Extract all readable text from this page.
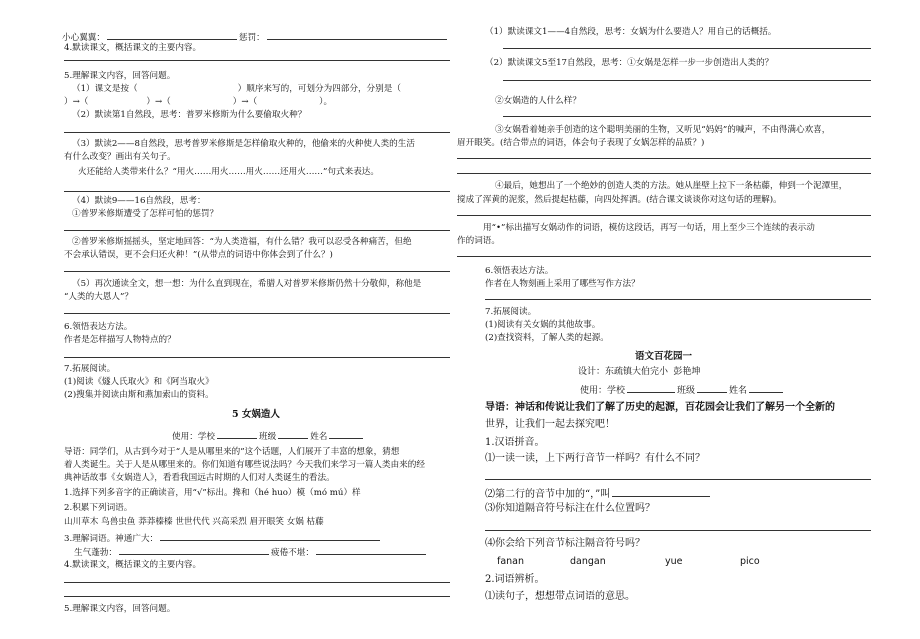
小心翼翼：	惩罚：
4.默读课文，概括课文的主要内容。
5.理解课文内容，回答问题。
（1）课文是按（	）顺序来写的，可划分为四部分，分别是（
）→（	）→（	）→（	）。
（2）默读第1自然段，思考：普罗米修斯为什么要偷取火种？
（3）默读2——8自然段，思考普罗米修斯是怎样偷取火种的，他偷来的火种使人类的生活
有什么改变？画出有关句子。
火还能给人类带来什么？“用火……用火……用火……还用火……”句式来表达。
（4）默读9——16自然段，思考：
①普罗米修斯遭受了怎样可怕的惩罚？
②普罗米修斯摇摇头，坚定地回答：“为人类造福，有什么错？我可以忍受各种痛苦，但绝
不会承认错误，更不会归还火种！”(从带点的词语中你体会到了什么？)
（5）再次通读全文，想一想：为什么直到现在，希腊人对普罗米修斯仍然十分敬仰，称他是
“人类的大恩人”？
6.领悟表达方法。
作者是怎样描写人物特点的？
7.拓展阅读。
(1)阅读《燧人氏取火》和《阿当取火》
(2)搜集并阅读由斯和燕加索山的资料。
5 女娲造人
使用：学校	班级	姓名
导语：同学们，从古到今对于“人是从哪里来的”这个话题，人们展开了丰富的想象，猜想
着人类诞生。关于人是从哪里来的。你们知道有哪些说法吗？今天我们来学习一篇人类由来的经
典神话故事《女娲造人》，看看我国远古时期的人们对人类诞生的看法。
1.选择下列多音字的正确读音，用“√”标出。搀和（hé huo）模（mó mú）样
2.积累下列词语。
山川草木 鸟兽虫鱼 莽莽榛榛 世世代代 兴高采烈 眉开眼笑 女娲 枯藤
3.理解词语。神通广大：
生气蓬勃：	疲倦不堪：
4.默读课文，概括课文的主要内容。
5.理解课文内容，回答问题。
（1）默读课文1——4自然段，思考：女娲为什么要造人？用自己的话概括。
（2）默读课文5至17自然段，思考：①女娲是怎样一步一步创造出人类的？
②女娲造的人什么样？
③女娲看着她亲手创造的这个聪明美丽的生物，又听见“妈妈”的喊声，不由得满心欢喜，
眉开眼笑。(结合带点的词语，体会句子表现了女娲怎样的品质？)
④最后，她想出了一个绝妙的创造人类的方法。她从崖壁上拉下一条枯藤，伸到一个泥潭里，
搅成了浑黄的泥浆，然后提起枯藤，向四处挥洒。(结合课文谈谈你对这句话的理解)。
用“•”标出描写女娲动作的词语，模仿这段话，再写一句话，用上至少三个连续的表示动
作的词语。
6.领悟表达方法。
作者在人物刻画上采用了哪些写作方法？
7.拓展阅读。
(1)阅读有关女娲的其他故事。
(2)查找资料，了解人类的起源。
语文百花园一
设计：东疏镇大伯完小 彭艳坤
使用：学校	班级	姓名
导语：神话和传说让我们了解了历史的起源，百花园会让我们了解另一个全新的
世界，让我们一起去探究吧！
1.汉语拼音。
⑴一读一读，上下两行音节一样吗？有什么不同？
⑵第二行的音节中加的“，”叫
⑶你知道隔音符号标注在什么位置吗？
⑷你会给下列音节标注隔音符号吗？
fanan	dangan	yue	pico
2.词语辨析。
⑴读句子，想想带点词语的意思。
